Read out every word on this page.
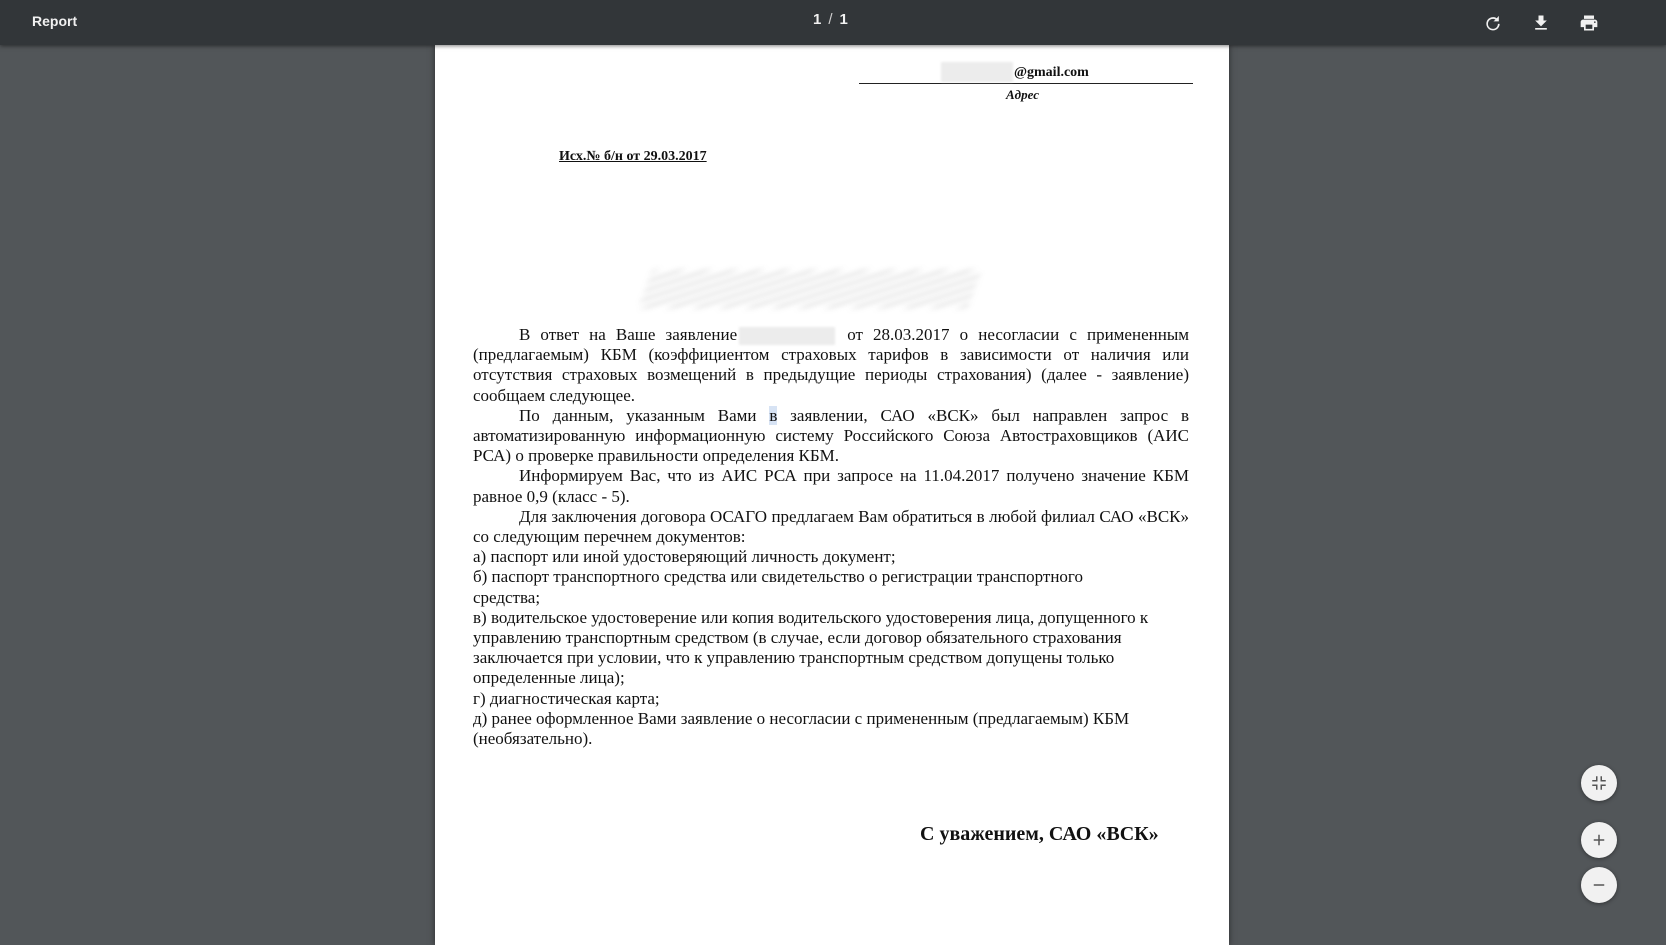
Report	1 / 1
@gmail.com
Адрес
Исх.№ б/н от 29.03.2017

В ответ на Ваше заявление	от 28.03.2017 о несогласии с примененным (предлагаемым) КБМ (коэффициентом страховых тарифов в зависимости от наличия или отсутствия страховых возмещений в предыдущие периоды страхования) (далее - заявление) сообщаем следующее.

По данным, указанным Вами в заявлении, САО «ВСК» был направлен запрос в автоматизированную информационную систему Российского Союза Автостраховщиков (АИС РСА) о проверке правильности определения КБМ.

Информируем Вас, что из АИС РСА при запросе на 11.04.2017 получено значение КБМ равное 0,9 (класс - 5).

Для заключения договора ОСАГО предлагаем Вам обратиться в любой филиал САО «ВСК» со следующим перечнем документов:

а) паспорт или иной удостоверяющий личность документ;

б) паспорт транспортного средства или свидетельство о регистрации транспортного средства;

в) водительское удостоверение или копия водительского удостоверения лица, допущенного к управлению транспортным средством (в случае, если договор обязательного страхования заключается при условии, что к управлению транспортным средством допущены только определенные лица);

г) диагностическая карта;

д) ранее оформленное Вами заявление о несогласии с примененным (предлагаемым) КБМ (необязательно).

С уважением, САО «ВСК»
